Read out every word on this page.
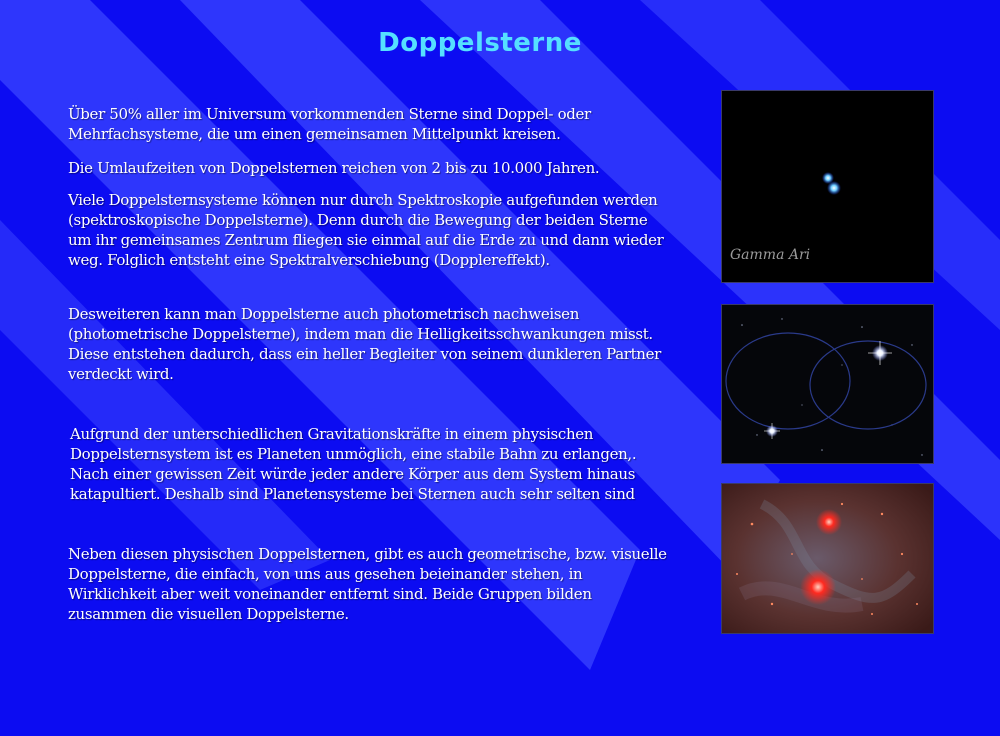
Doppelsterne

Über 50% aller im Universum vorkommenden Sterne sind Doppel- oder Mehrfachsysteme, die um einen gemeinsamen Mittelpunkt kreisen.

Die Umlaufzeiten von Doppelsternen reichen von 2 bis zu 10.000 Jahren.

Viele Doppelsternsysteme können nur durch Spektroskopie aufgefunden werden (spektroskopische Doppelsterne). Denn durch die Bewegung der beiden Sterne um ihr gemeinsames Zentrum fliegen sie einmal auf die Erde zu und dann wieder weg. Folglich entsteht eine Spektralverschiebung (Dopplereffekt).

Desweiteren kann man Doppelsterne auch photometrisch nachweisen (photometrische Doppelsterne), indem man die Helligkeitsschwankungen misst. Diese entstehen dadurch, dass ein heller Begleiter von seinem dunkleren Partner verdeckt wird.

Aufgrund der unterschiedlichen Gravitationskräfte in einem physischen Doppelsternsystem ist es Planeten unmöglich, eine stabile Bahn zu erlangen,. Nach einer gewissen Zeit würde jeder andere Körper aus dem System hinaus katapultiert. Deshalb sind Planetensysteme bei Sternen auch sehr selten sind

Neben diesen physischen Doppelsternen, gibt es auch geometrische, bzw. visuelle Doppelsterne, die einfach, von uns aus gesehen beieinander stehen, in Wirklichkeit aber weit voneinander entfernt sind. Beide Gruppen bilden zusammen die visuellen Doppelsterne.

Gamma Ari
